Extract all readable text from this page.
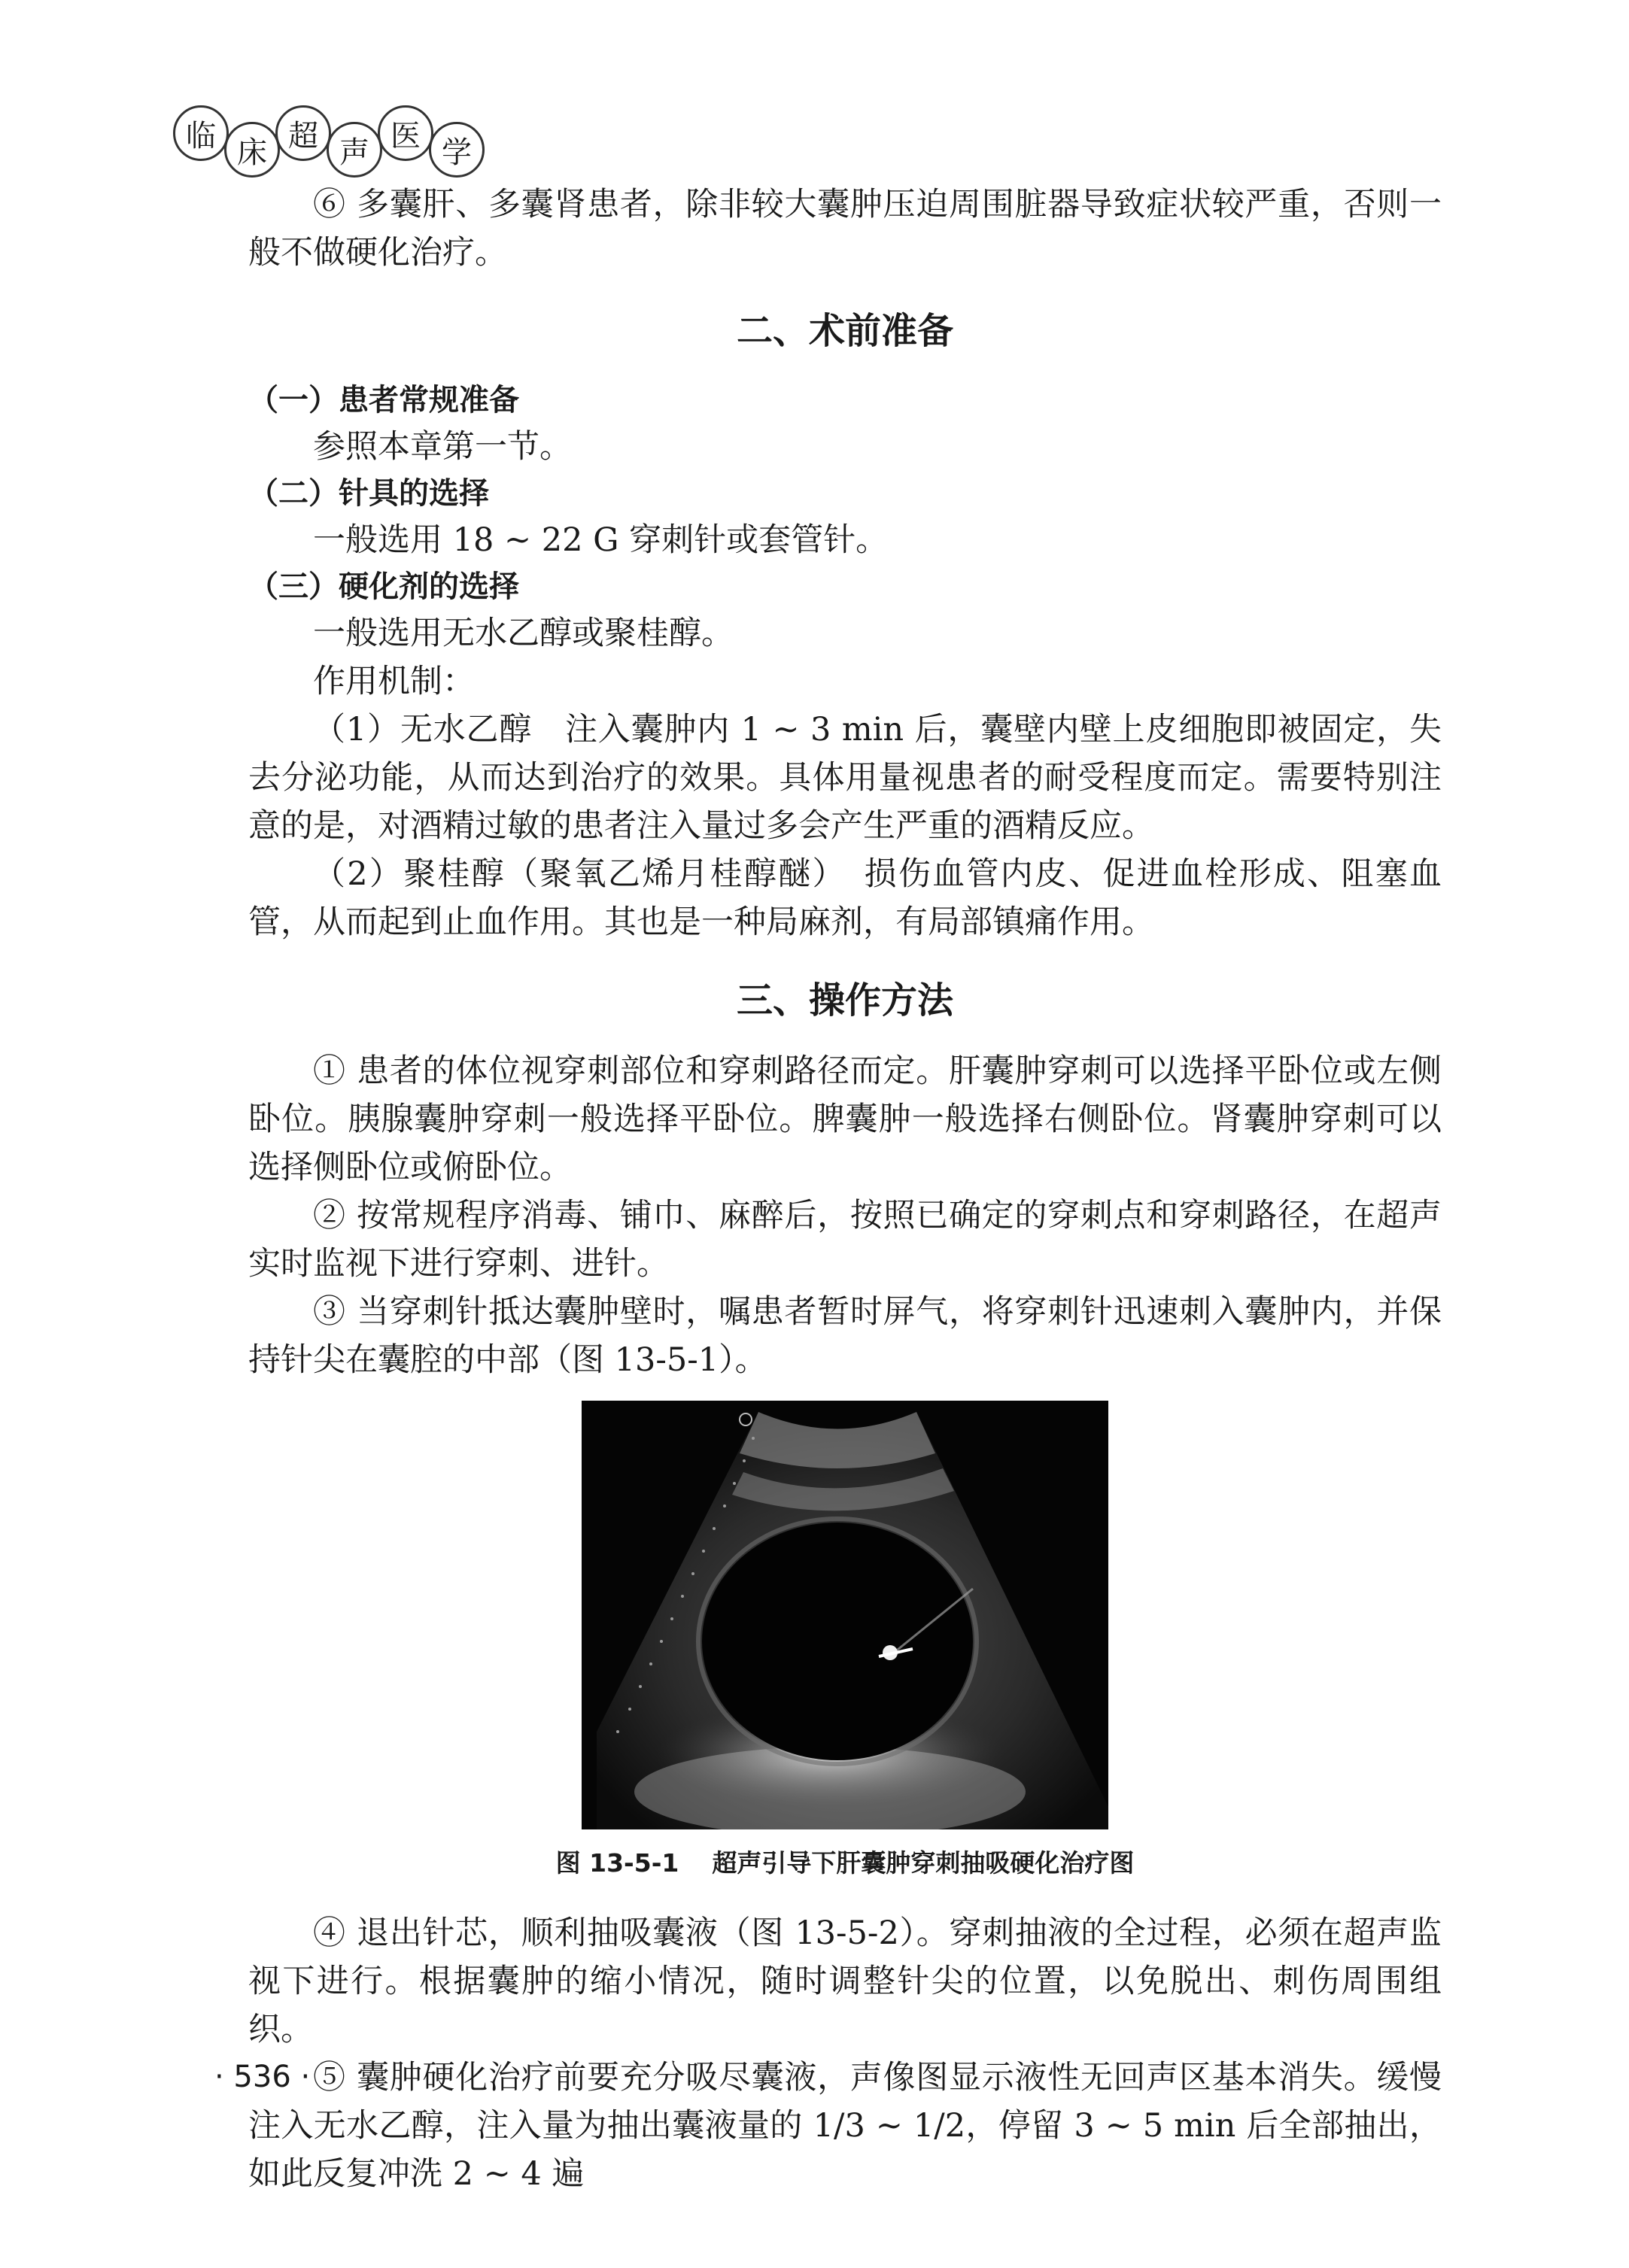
临 床 超 声 医 学

⑥ 多囊肝、多囊肾患者，除非较大囊肿压迫周围脏器导致症状较严重，否则一般不做硬化治疗。

二、术前准备
（一）患者常规准备

参照本章第一节。

（二）针具的选择

一般选用 18 ~ 22 G 穿刺针或套管针。

（三）硬化剂的选择

一般选用无水乙醇或聚桂醇。

作用机制：

（1）无水乙醇　注入囊肿内 1 ~ 3 min 后，囊壁内壁上皮细胞即被固定，失去分泌功能，从而达到治疗的效果。具体用量视患者的耐受程度而定。需要特别注意的是，对酒精过敏的患者注入量过多会产生严重的酒精反应。

（2）聚桂醇（聚氧乙烯月桂醇醚）　损伤血管内皮、促进血栓形成、阻塞血管，从而起到止血作用。其也是一种局麻剂，有局部镇痛作用。

三、操作方法

① 患者的体位视穿刺部位和穿刺路径而定。肝囊肿穿刺可以选择平卧位或左侧卧位。胰腺囊肿穿刺一般选择平卧位。脾囊肿一般选择右侧卧位。肾囊肿穿刺可以选择侧卧位或俯卧位。

② 按常规程序消毒、铺巾、麻醉后，按照已确定的穿刺点和穿刺路径，在超声实时监视下进行穿刺、进针。

③ 当穿刺针抵达囊肿壁时，嘱患者暂时屏气，将穿刺针迅速刺入囊肿内，并保持针尖在囊腔的中部（图 13-5-1）。

图 13-5-1 超声引导下肝囊肿穿刺抽吸硬化治疗图

④ 退出针芯，顺利抽吸囊液（图 13-5-2）。穿刺抽液的全过程，必须在超声监视下进行。根据囊肿的缩小情况，随时调整针尖的位置，以免脱出、刺伤周围组织。

⑤ 囊肿硬化治疗前要充分吸尽囊液，声像图显示液性无回声区基本消失。缓慢注入无水乙醇，注入量为抽出囊液量的 1/3 ~ 1/2，停留 3 ~ 5 min 后全部抽出，如此反复冲洗 2 ~ 4 遍

· 536 ·
